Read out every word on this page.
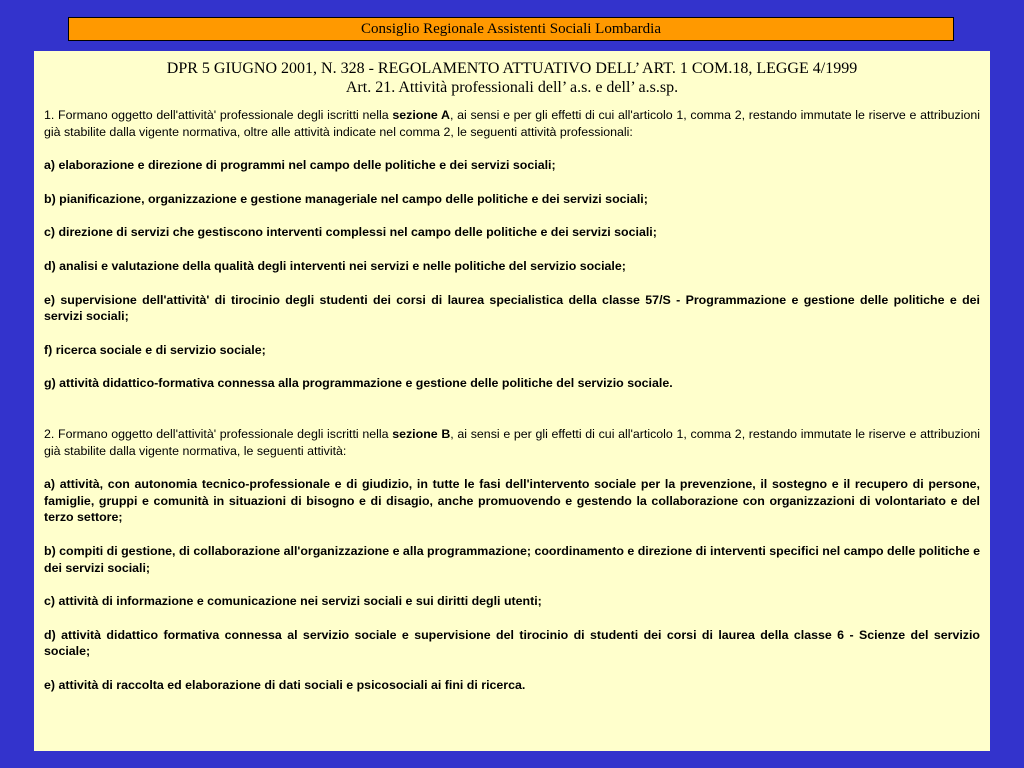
Consiglio Regionale Assistenti Sociali Lombardia
DPR 5 GIUGNO 2001, N. 328 - REGOLAMENTO ATTUATIVO DELL’ ART. 1 COM.18, LEGGE 4/1999
Art. 21. Attività professionali dell’ a.s. e dell’ a.s.sp.

1. Formano oggetto dell'attività' professionale degli iscritti nella sezione A, ai sensi e per gli effetti di cui all'articolo 1, comma 2, restando immutate le riserve e attribuzioni già stabilite dalla vigente normativa, oltre alle attività indicate nel comma 2, le seguenti attività professionali:

a) elaborazione e direzione di programmi nel campo delle politiche e dei servizi sociali;

b) pianificazione, organizzazione e gestione manageriale nel campo delle politiche e dei servizi sociali;

c) direzione di servizi che gestiscono interventi complessi nel campo delle politiche e dei servizi sociali;

d) analisi e valutazione della qualità degli interventi nei servizi e nelle politiche del servizio sociale;

e) supervisione dell'attività' di tirocinio degli studenti dei corsi di laurea specialistica della classe 57/S - Programmazione e gestione delle politiche e dei servizi sociali;

f) ricerca sociale e di servizio sociale;

g) attività didattico-formativa connessa alla programmazione e gestione delle politiche del servizio sociale.

2. Formano oggetto dell'attività' professionale degli iscritti nella sezione B, ai sensi e per gli effetti di cui all'articolo 1, comma 2, restando immutate le riserve e attribuzioni già stabilite dalla vigente normativa, le seguenti attività:

a) attività, con autonomia tecnico-professionale e di giudizio, in tutte le fasi dell'intervento sociale per la prevenzione, il sostegno e il recupero di persone, famiglie, gruppi e comunità in situazioni di bisogno e di disagio, anche promuovendo e gestendo la collaborazione con organizzazioni di volontariato e del terzo settore;

b) compiti di gestione, di collaborazione all'organizzazione e alla programmazione; coordinamento e direzione di interventi specifici nel campo delle politiche e dei servizi sociali;

c) attività di informazione e comunicazione nei servizi sociali e sui diritti degli utenti;

d) attività didattico formativa connessa al servizio sociale e supervisione del tirocinio di studenti dei corsi di laurea della classe 6 - Scienze del servizio sociale;

e) attività di raccolta ed elaborazione di dati sociali e psicosociali ai fini di ricerca.
